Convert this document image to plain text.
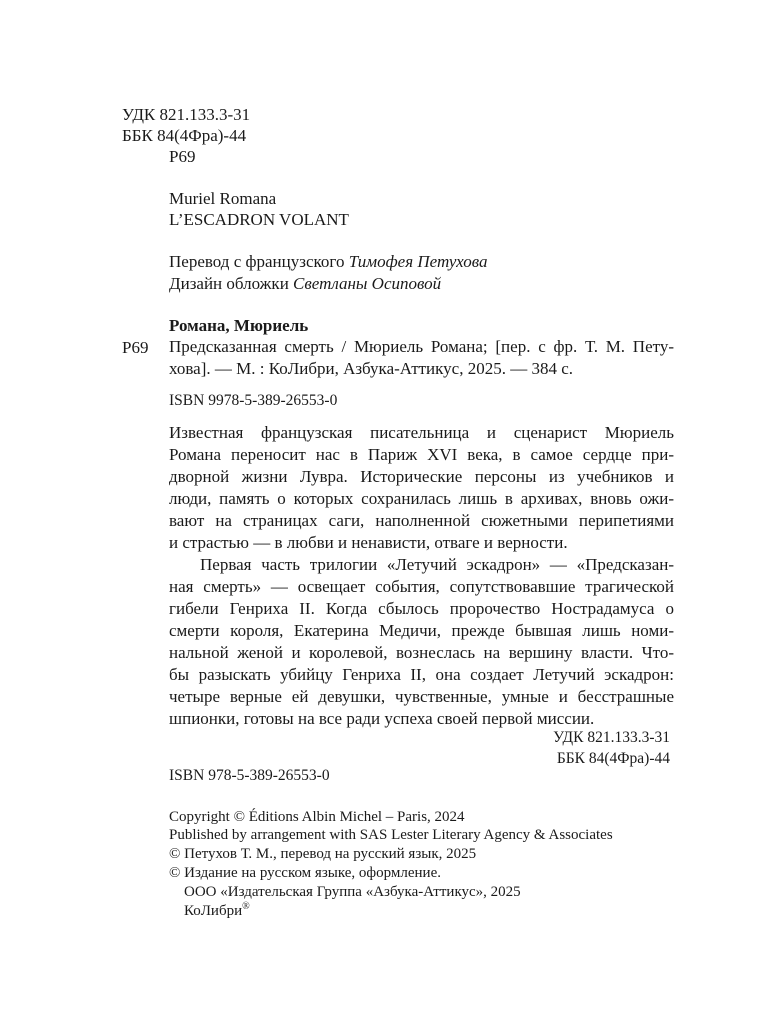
УДК 821.133.3-31
ББК 84(4Фра)-44
Р69
Muriel Romana
L’ESCADRON VOLANT
Перевод с французского Тимофея Петухова
Дизайн обложки Светланы Осиповой
Романа, Мюриель
Р69 Предсказанная смерть / Мюриель Романа; [пер. с фр. Т. М. Пету-
хова]. — М. : КоЛибри, Азбука-Аттикус, 2025. — 384 с.
ISBN 9978-5-389-26553-0
Известная французская писательница и сценарист Мюриель
Романа переносит нас в Париж XVI века, в самое сердце при-
дворной жизни Лувра. Исторические персоны из учебников и
люди, память о которых сохранилась лишь в архивах, вновь ожи-
вают на страницах саги, наполненной сюжетными перипетиями
и страстью — в любви и ненависти, отваге и верности.
Первая часть трилогии «Летучий эскадрон» — «Предсказан-
ная смерть» — освещает события, сопутствовавшие трагической
гибели Генриха II. Когда сбылось пророчество Нострадамуса о
смерти короля, Екатерина Медичи, прежде бывшая лишь номи-
нальной женой и королевой, вознеслась на вершину власти. Что-
бы разыскать убийцу Генриха II, она создает Летучий эскадрон:
четыре верные ей девушки, чувственные, умные и бесстрашные
шпионки, готовы на все ради успеха своей первой миссии.
УДК 821.133.3-31
ББК 84(4Фра)-44
ISBN 978-5-389-26553-0
Copyright © Éditions Albin Michel – Paris, 2024
Published by arrangement with SAS Lester Literary Agency & Associates
© Петухов Т. М., перевод на русский язык, 2025
© Издание на русском языке, оформление.
ООО «Издательская Группа «Азбука-Аттикус», 2025
КоЛибри®
